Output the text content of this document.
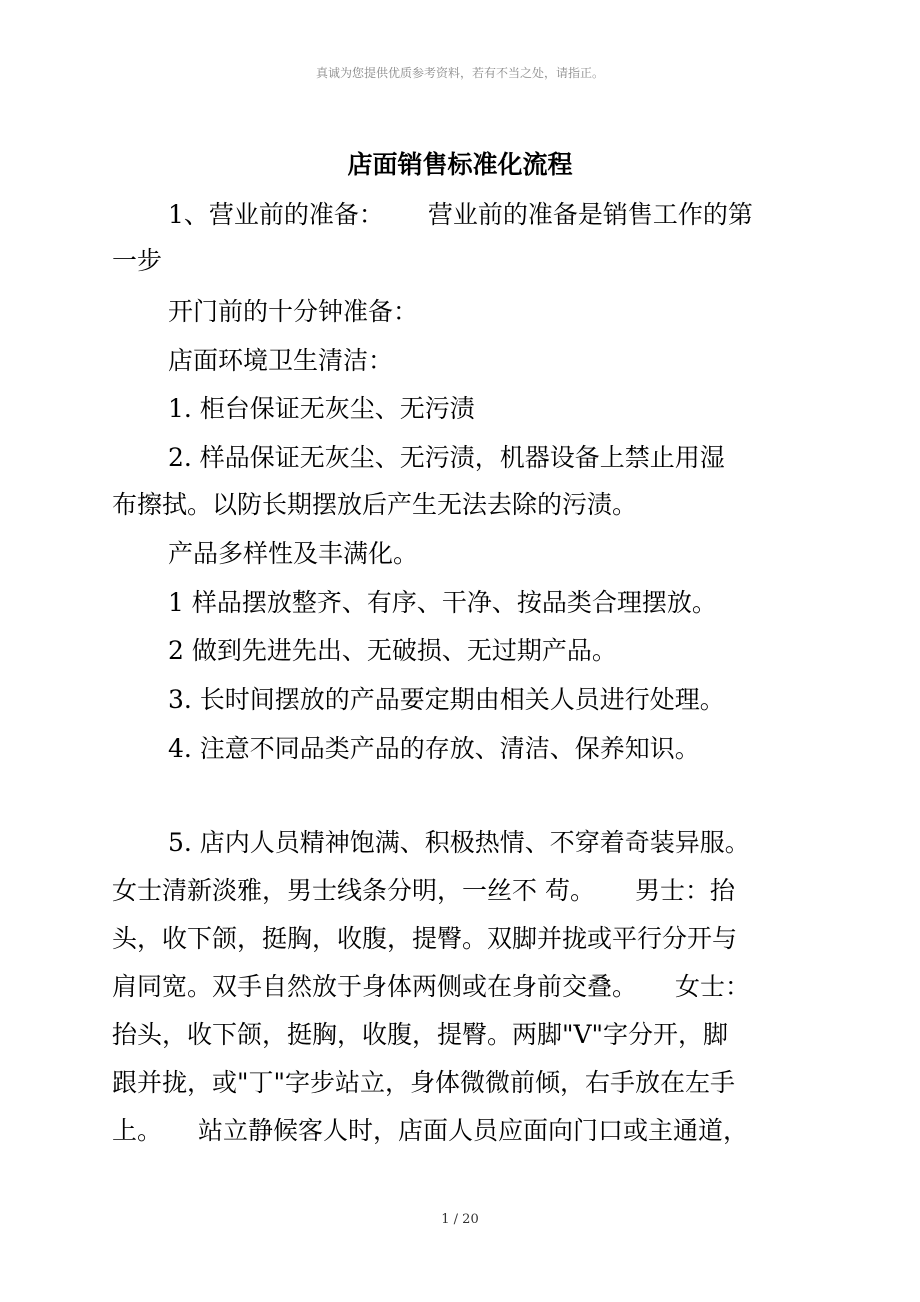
真诚为您提供优质参考资料，若有不当之处，请指正。
店面销售标准化流程
1、营业前的准备： 营业前的准备是销售工作的第
一步
开门前的十分钟准备：
店面环境卫生清洁：
1. 柜台保证无灰尘、无污渍
2. 样品保证无灰尘、无污渍，机器设备上禁止用湿
布擦拭。以防长期摆放后产生无法去除的污渍。
产品多样性及丰满化。
1 样品摆放整齐、有序、干净、按品类合理摆放。
2 做到先进先出、无破损、无过期产品。
3. 长时间摆放的产品要定期由相关人员进行处理。
4. 注意不同品类产品的存放、清洁、保养知识。
5. 店内人员精神饱满、积极热情、不穿着奇装异服。
女士清新淡雅，男士线条分明，一丝不 苟。 男士：抬
头，收下颌，挺胸，收腹，提臀。双脚并拢或平行分开与
肩同宽。双手自然放于身体两侧或在身前交叠。 女士：
抬头，收下颌，挺胸，收腹，提臀。两脚"V"字分开，脚
跟并拢，或"丁"字步站立，身体微微前倾，右手放在左手
上。 站立静候客人时，店面人员应面向门口或主通道，
1 / 20
